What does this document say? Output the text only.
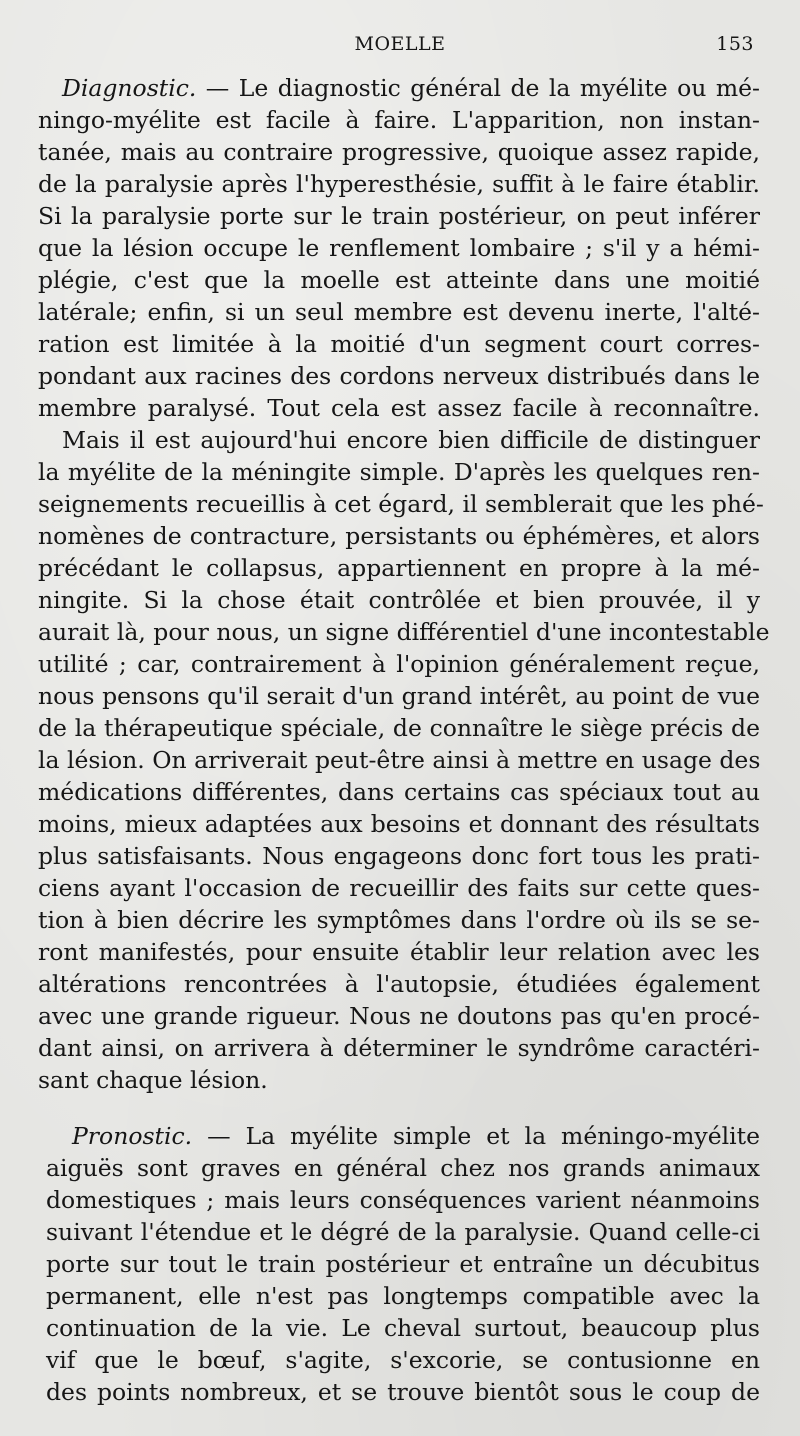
MOELLE	153
Diagnostic. — Le diagnostic général de la myélite ou mé-
ningo-myélite est facile à faire. L'apparition, non instan-
tanée, mais au contraire progressive, quoique assez rapide,
de la paralysie après l'hyperesthésie, suffit à le faire établir.
Si la paralysie porte sur le train postérieur, on peut inférer
que la lésion occupe le renflement lombaire ; s'il y a hémi-
plégie, c'est que la moelle est atteinte dans une moitié
latérale; enfin, si un seul membre est devenu inerte, l'alté-
ration est limitée à la moitié d'un segment court corres-
pondant aux racines des cordons nerveux distribués dans le
membre paralysé. Tout cela est assez facile à reconnaître.
Mais il est aujourd'hui encore bien difficile de distinguer
la myélite de la méningite simple. D'après les quelques ren-
seignements recueillis à cet égard, il semblerait que les phé-
nomènes de contracture, persistants ou éphémères, et alors
précédant le collapsus, appartiennent en propre à la mé-
ningite. Si la chose était contrôlée et bien prouvée, il y
aurait là, pour nous, un signe différentiel d'une incontestable
utilité ; car, contrairement à l'opinion généralement reçue,
nous pensons qu'il serait d'un grand intérêt, au point de vue
de la thérapeutique spéciale, de connaître le siège précis de
la lésion. On arriverait peut-être ainsi à mettre en usage des
médications différentes, dans certains cas spéciaux tout au
moins, mieux adaptées aux besoins et donnant des résultats
plus satisfaisants. Nous engageons donc fort tous les prati-
ciens ayant l'occasion de recueillir des faits sur cette ques-
tion à bien décrire les symptômes dans l'ordre où ils se se-
ront manifestés, pour ensuite établir leur relation avec les
altérations rencontrées à l'autopsie, étudiées également
avec une grande rigueur. Nous ne doutons pas qu'en procé-
dant ainsi, on arrivera à déterminer le syndrôme caractéri-
sant chaque lésion.
Pronostic. — La myélite simple et la méningo-myélite
aiguës sont graves en général chez nos grands animaux
domestiques ; mais leurs conséquences varient néanmoins
suivant l'étendue et le dégré de la paralysie. Quand celle-ci
porte sur tout le train postérieur et entraîne un décubitus
permanent, elle n'est pas longtemps compatible avec la
continuation de la vie. Le cheval surtout, beaucoup plus
vif que le bœuf, s'agite, s'excorie, se contusionne en
des points nombreux, et se trouve bientôt sous le coup de
